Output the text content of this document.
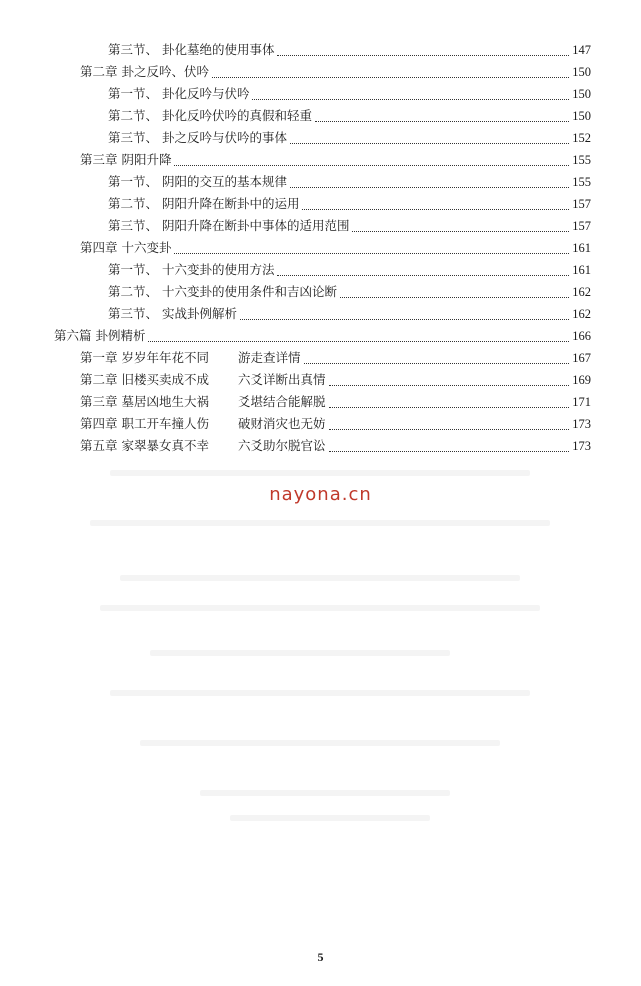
第三节、 卦化墓绝的使用事体	147
第二章 卦之反吟、伏吟	150
第一节、 卦化反吟与伏吟	150
第二节、 卦化反吟伏吟的真假和轻重	150
第三节、 卦之反吟与伏吟的事体	152
第三章 阴阳升降	155
第一节、 阴阳的交互的基本规律	155
第二节、 阴阳升降在断卦中的运用	157
第三节、 阴阳升降在断卦中事体的适用范围	157
第四章 十六变卦	161
第一节、 十六变卦的使用方法	161
第二节、 十六变卦的使用条件和吉凶论断	162
第三节、 实战卦例解析	162
第六篇 卦例精析	166
第一章 岁岁年年花不同	游走查详情	167
第二章 旧楼买卖成不成	六爻详断出真情	169
第三章 墓居凶地生大祸	爻堪结合能解脱	171
第四章 职工开车撞人伤	破财消灾也无妨	173
第五章 家翠暴女真不幸	六爻助尔脱官讼	173
nayona.cn
5
